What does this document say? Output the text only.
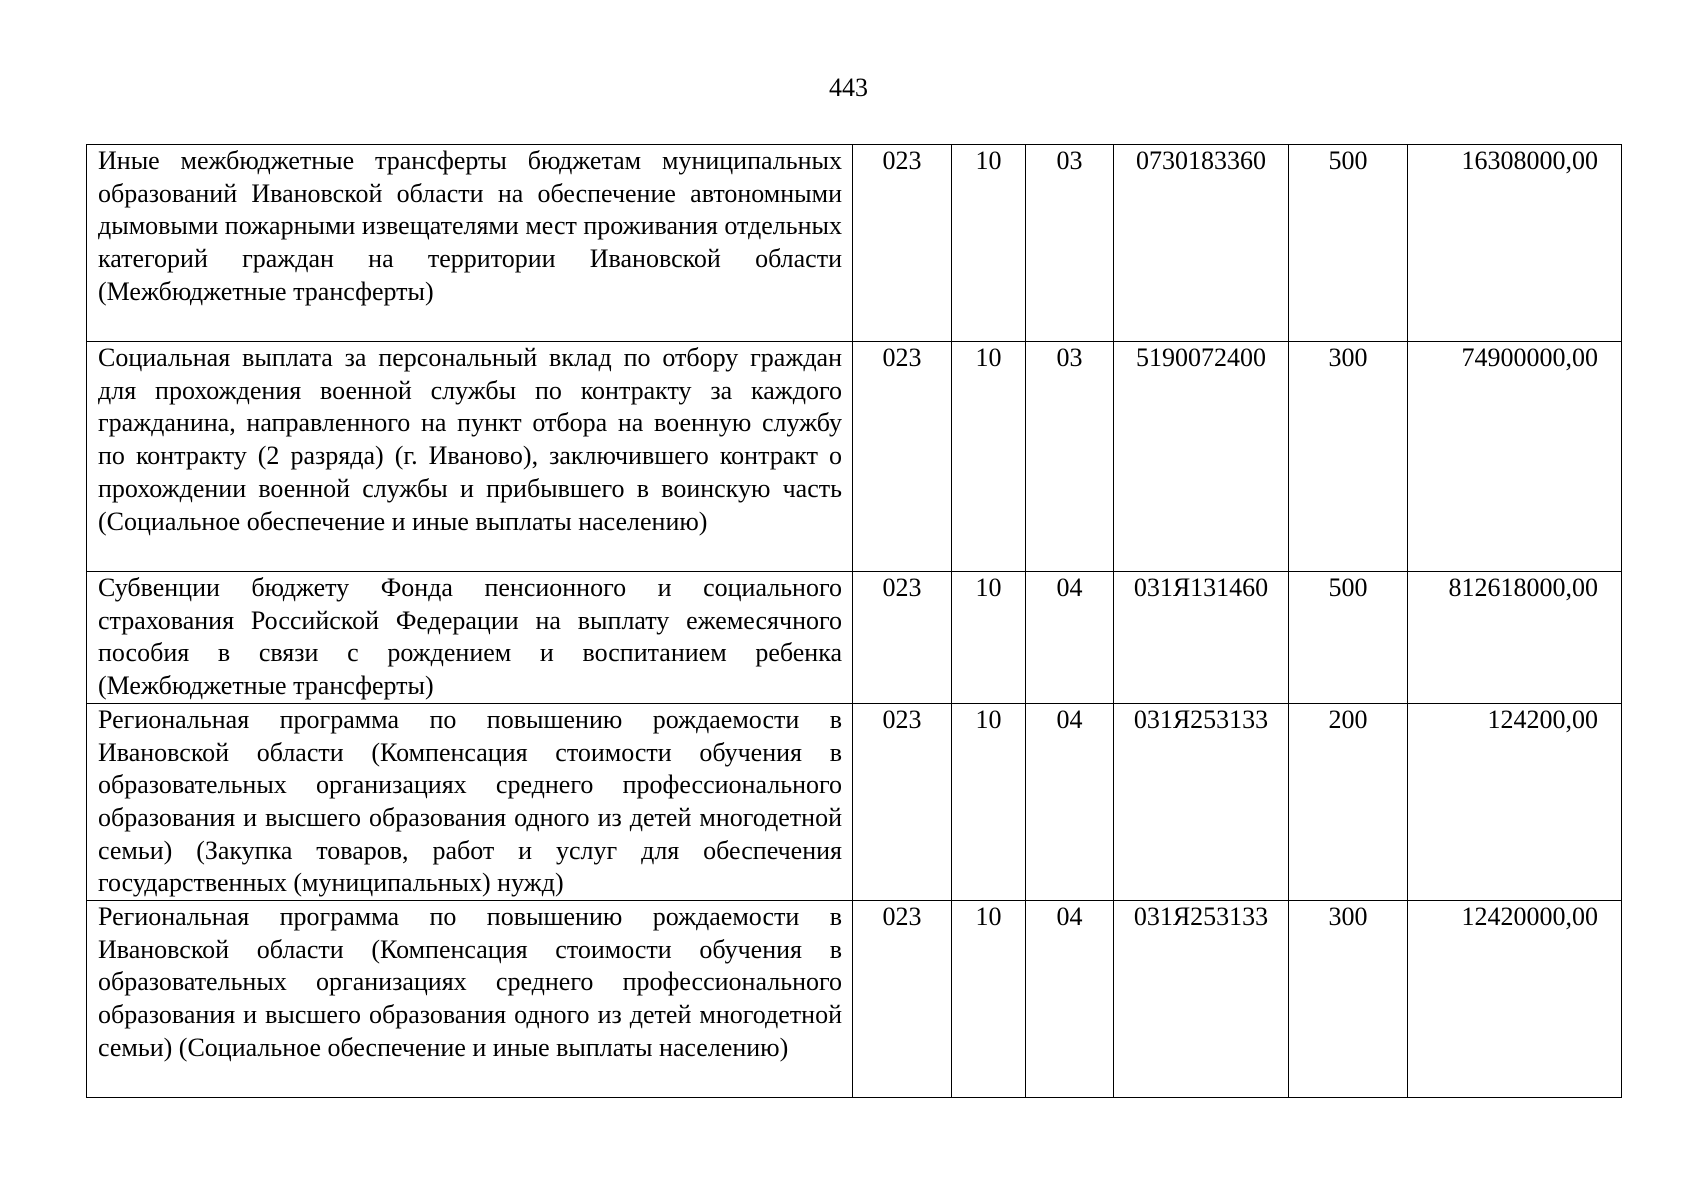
443
Иные межбюджетные трансферты бюджетам муниципальных образований Ивановской области на обеспечение автономными дымовыми пожарными извещателями мест проживания отдельных категорий граждан на территории Ивановской области (Межбюджетные трансферты)	023	10	03	0730183360	500	16308000,00
Социальная выплата за персональный вклад по отбору граждан для прохождения военной службы по контракту за каждого гражданина, направленного на пункт отбора на военную службу по контракту (2 разряда) (г. Иваново), заключившего контракт о прохождении военной службы и прибывшего в воинскую часть (Социальное обеспечение и иные выплаты населению)	023	10	03	5190072400	300	74900000,00
Субвенции бюджету Фонда пенсионного и социального страхования Российской Федерации на выплату ежемесячного пособия в связи с рождением и воспитанием ребенка (Межбюджетные трансферты)	023	10	04	031Я131460	500	812618000,00
Региональная программа по повышению рождаемости в Ивановской области (Компенсация стоимости обучения в образовательных организациях среднего профессионального образования и высшего образования одного из детей многодетной семьи) (Закупка товаров, работ и услуг для обеспечения государственных (муниципальных) нужд)	023	10	04	031Я253133	200	124200,00
Региональная программа по повышению рождаемости в Ивановской области (Компенсация стоимости обучения в образовательных организациях среднего профессионального образования и высшего образования одного из детей многодетной семьи) (Социальное обеспечение и иные выплаты населению)	023	10	04	031Я253133	300	12420000,00
